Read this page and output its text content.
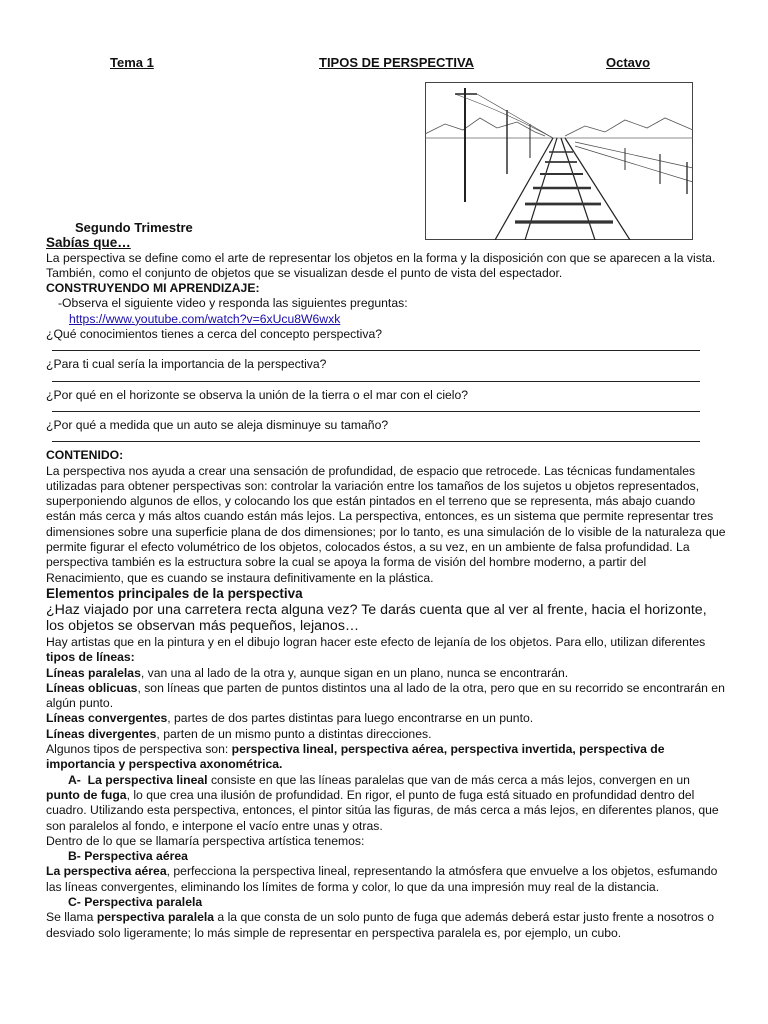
Tema 1	TIPOS DE PERSPECTIVA	Octavo
Segundo Trimestre
Sabías que…

La perspectiva se define como el arte de representar los objetos en la forma y la disposición con que se aparecen a la vista. También, como el conjunto de objetos que se visualizan desde el punto de vista del espectador.

CONSTRUYENDO MI APRENDIZAJE:
-Observa el siguiente video y responda las siguientes preguntas:
https://www.youtube.com/watch?v=6xUcu8W6wxk

¿Qué conocimientos tienes a cerca del concepto perspectiva?

¿Para ti cual sería la importancia de la perspectiva?

¿Por qué en el horizonte se observa la unión de la tierra o el mar con el cielo?

¿Por qué a medida que un auto se aleja disminuye su tamaño?

CONTENIDO:

La perspectiva nos ayuda a crear una sensación de profundidad, de espacio que retrocede. Las técnicas fundamentales utilizadas para obtener perspectivas son: controlar la variación entre los tamaños de los sujetos u objetos representados, superponiendo algunos de ellos, y colocando los que están pintados en el terreno que se representa, más abajo cuando están más cerca y más altos cuando están más lejos. La perspectiva, entonces, es un sistema que permite representar tres dimensiones sobre una superficie plana de dos dimensiones; por lo tanto, es una simulación de lo visible de la naturaleza que permite figurar el efecto volumétrico de los objetos, colocados éstos, a su vez, en un ambiente de falsa profundidad. La perspectiva también es la estructura sobre la cual se apoya la forma de visión del hombre moderno, a partir del Renacimiento, que es cuando se instaura definitivamente en la plástica.

Elementos principales de la perspectiva

¿Haz viajado por una carretera recta alguna vez? Te darás cuenta que al ver al frente, hacia el horizonte, los objetos se observan más pequeños, lejanos…

Hay artistas que en la pintura y en el dibujo logran hacer este efecto de lejanía de los objetos. Para ello, utilizan diferentes tipos de líneas:

Líneas paralelas, van una al lado de la otra y, aunque sigan en un plano, nunca se encontrarán.

Líneas oblicuas, son líneas que parten de puntos distintos una al lado de la otra, pero que en su recorrido se encontrarán en algún punto.

Líneas convergentes, partes de dos partes distintas para luego encontrarse en un punto.

Líneas divergentes, parten de un mismo punto a distintas direcciones.

Algunos tipos de perspectiva son: perspectiva lineal, perspectiva aérea, perspectiva invertida, perspectiva de importancia y perspectiva axonométrica.

A- La perspectiva lineal consiste en que las líneas paralelas que van de más cerca a más lejos, convergen en un punto de fuga, lo que crea una ilusión de profundidad. En rigor, el punto de fuga está situado en profundidad dentro del cuadro. Utilizando esta perspectiva, entonces, el pintor sitúa las figuras, de más cerca a más lejos, en diferentes planos, que son paralelos al fondo, e interpone el vacío entre unas y otras.

Dentro de lo que se llamaría perspectiva artística tenemos:

B- Perspectiva aérea

La perspectiva aérea, perfecciona la perspectiva lineal, representando la atmósfera que envuelve a los objetos, esfumando las líneas convergentes, eliminando los límites de forma y color, lo que da una impresión muy real de la distancia.

C- Perspectiva paralela

Se llama perspectiva paralela a la que consta de un solo punto de fuga que además deberá estar justo frente a nosotros o desviado solo ligeramente; lo más simple de representar en perspectiva paralela es, por ejemplo, un cubo.
